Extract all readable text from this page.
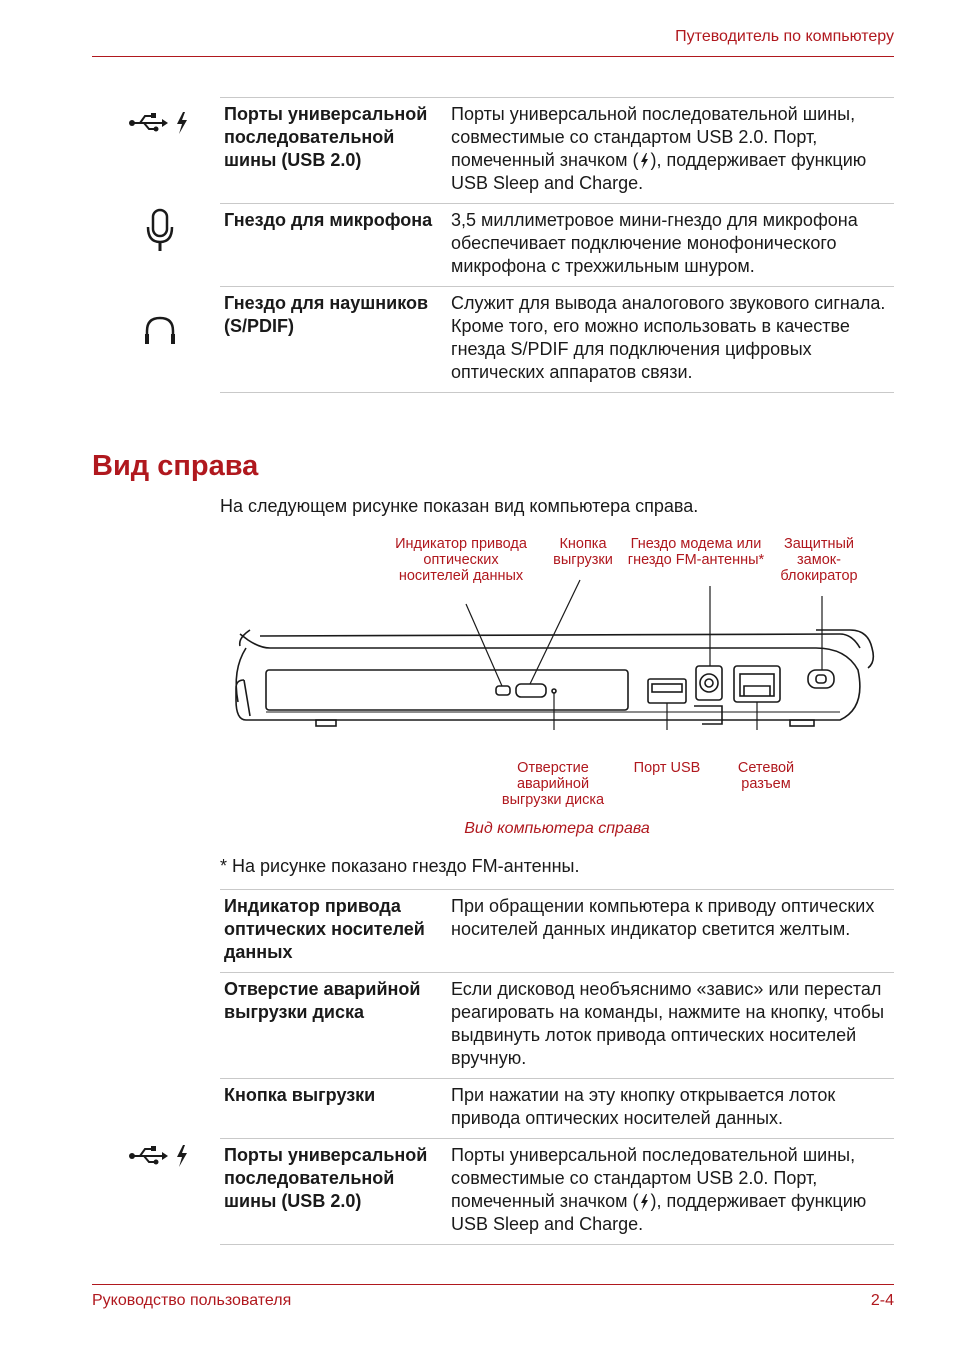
Путеводитель по компьютеру
Порты универсальной последовательной шины (USB 2.0)	Порты универсальной последовательной шины, совместимые со стандартом USB 2.0. Порт, помеченный значком ( ), поддерживает функцию USB Sleep and Charge.
Гнездо для микрофона	3,5 миллиметровое мини-гнездо для микрофона обеспечивает подключение монофонического микрофона с трехжильным шнуром.
Гнездо для наушников (S/PDIF)	Служит для вывода аналогового звукового сигнала. Кроме того, его можно использовать в качестве гнезда S/PDIF для подключения цифровых оптических аппаратов связи.
Вид справа
На следующем рисунке показан вид компьютера справа.
Индикатор привода оптических носителей данных
Кнопка выгрузки
Гнездо модема или гнездо FM-антенны*
Защитный замок-блокиратор
Отверстие аварийной выгрузки диска
Порт USB	Сетевой разъем
Вид компьютера справа
* На рисунке показано гнездо FM-антенны.
Индикатор привода оптических носителей данных	При обращении компьютера к приводу оптических носителей данных индикатор светится желтым.
Отверстие аварийной выгрузки диска	Если дисковод необъяснимо «завис» или перестал реагировать на команды, нажмите на кнопку, чтобы выдвинуть лоток привода оптических носителей вручную.
Кнопка выгрузки	При нажатии на эту кнопку открывается лоток привода оптических носителей данных.
Порты универсальной последовательной шины (USB 2.0)	Порты универсальной последовательной шины, совместимые со стандартом USB 2.0. Порт, помеченный значком ( ), поддерживает функцию USB Sleep and Charge.
Руководство пользователя	2-4
